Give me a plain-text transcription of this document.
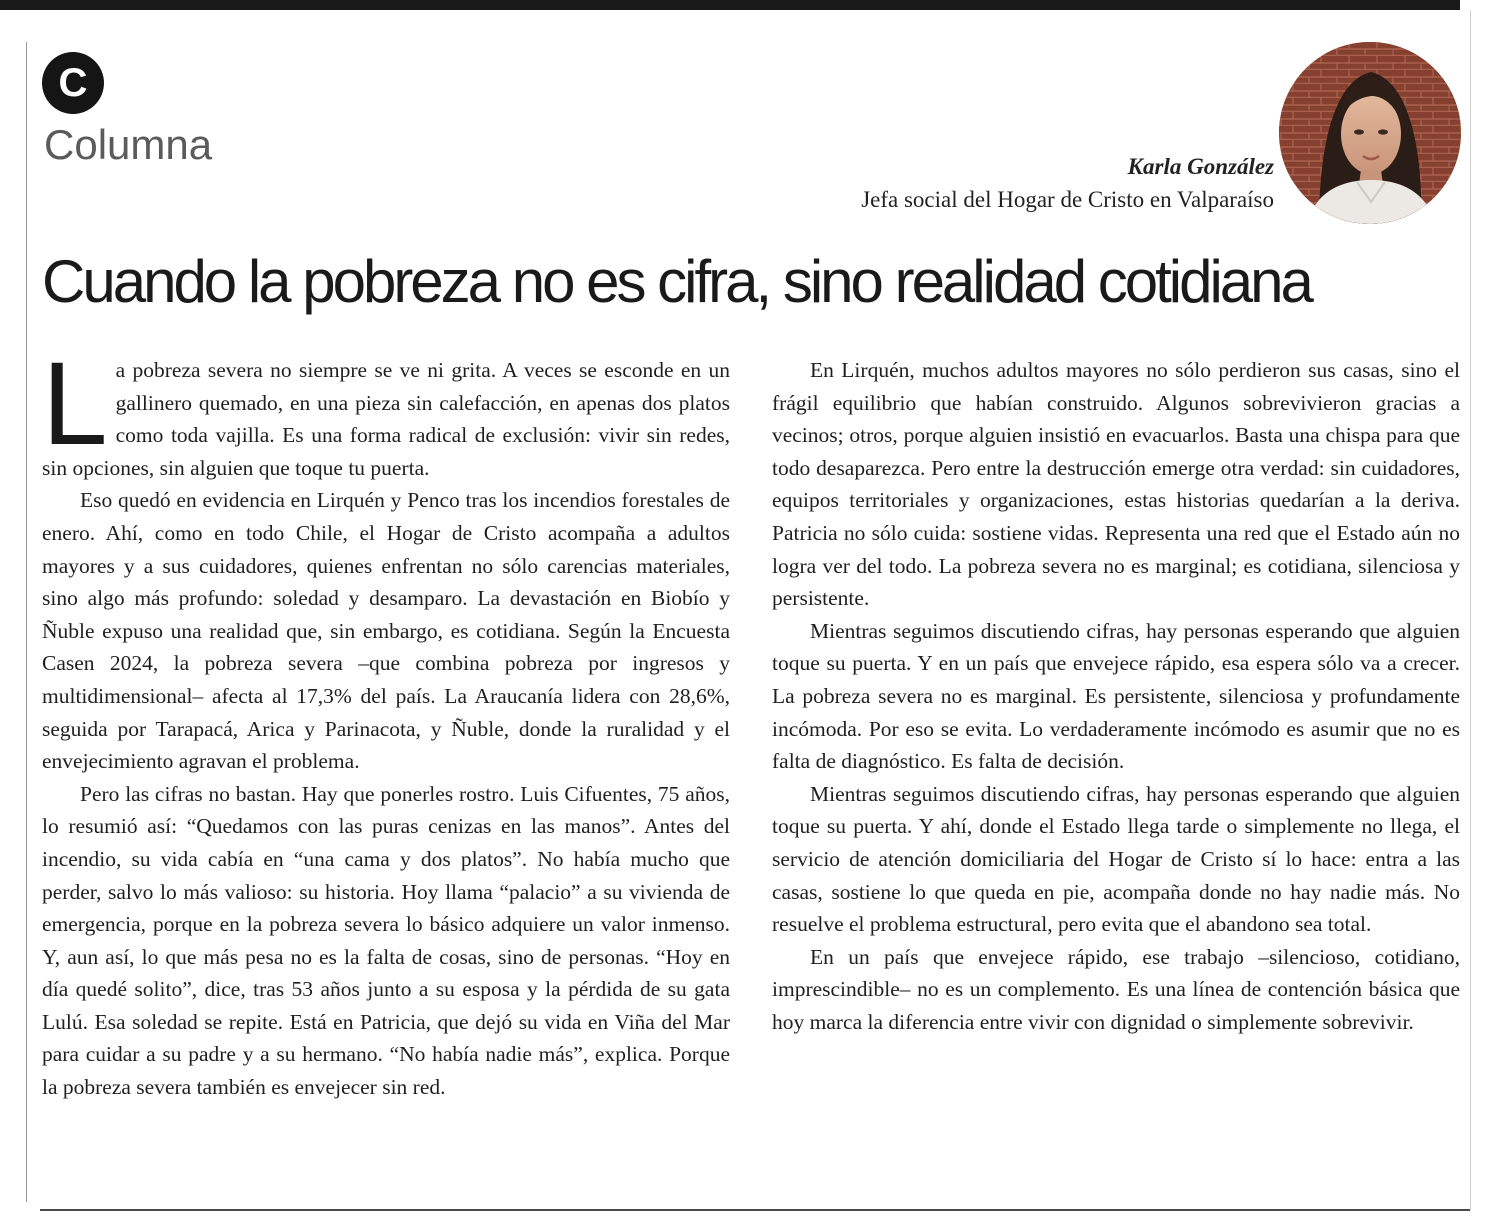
C
Columna	Karla González
Jefa social del Hogar de Cristo en Valparaíso
Cuando la pobreza no es cifra, sino realidad cotidiana

La pobreza severa no siempre se ve ni grita. A veces se esconde en un gallinero quemado, en una pieza sin calefacción, en apenas dos platos como toda vajilla. Es una forma radical de exclusión: vivir sin redes, sin opciones, sin alguien que toque tu puerta.

Eso quedó en evidencia en Lirquén y Penco tras los incendios forestales de enero. Ahí, como en todo Chile, el Hogar de Cristo acompaña a adultos mayores y a sus cuidadores, quienes enfrentan no sólo carencias materiales, sino algo más profundo: soledad y desamparo. La devastación en Biobío y Ñuble expuso una realidad que, sin embargo, es cotidiana. Según la Encuesta Casen 2024, la pobreza severa –que combina pobreza por ingresos y multidimensional– afecta al 17,3% del país. La Araucanía lidera con 28,6%, seguida por Tarapacá, Arica y Parinacota, y Ñuble, donde la ruralidad y el envejecimiento agravan el problema.

Pero las cifras no bastan. Hay que ponerles rostro. Luis Cifuentes, 75 años, lo resumió así: “Quedamos con las puras cenizas en las manos”. Antes del incendio, su vida cabía en “una cama y dos platos”. No había mucho que perder, salvo lo más valioso: su historia. Hoy llama “palacio” a su vivienda de emergencia, porque en la pobreza severa lo básico adquiere un valor inmenso. Y, aun así, lo que más pesa no es la falta de cosas, sino de personas. “Hoy en día quedé solito”, dice, tras 53 años junto a su esposa y la pérdida de su gata Lulú. Esa soledad se repite. Está en Patricia, que dejó su vida en Viña del Mar para cuidar a su padre y a su hermano. “No había nadie más”, explica. Porque la pobreza severa también es envejecer sin red.

En Lirquén, muchos adultos mayores no sólo perdieron sus casas, sino el frágil equilibrio que habían construido. Algunos sobrevivieron gracias a vecinos; otros, porque alguien insistió en evacuarlos. Basta una chispa para que todo desaparezca. Pero entre la destrucción emerge otra verdad: sin cuidadores, equipos territoriales y organizaciones, estas historias quedarían a la deriva. Patricia no sólo cuida: sostiene vidas. Representa una red que el Estado aún no logra ver del todo. La pobreza severa no es marginal; es cotidiana, silenciosa y persistente.

Mientras seguimos discutiendo cifras, hay personas esperando que alguien toque su puerta. Y en un país que envejece rápido, esa espera sólo va a crecer. La pobreza severa no es marginal. Es persistente, silenciosa y profundamente incómoda. Por eso se evita. Lo verdaderamente incómodo es asumir que no es falta de diagnóstico. Es falta de decisión.

Mientras seguimos discutiendo cifras, hay personas esperando que alguien toque su puerta. Y ahí, donde el Estado llega tarde o simplemente no llega, el servicio de atención domiciliaria del Hogar de Cristo sí lo hace: entra a las casas, sostiene lo que queda en pie, acompaña donde no hay nadie más. No resuelve el problema estructural, pero evita que el abandono sea total.

En un país que envejece rápido, ese trabajo –silencioso, cotidiano, imprescindible– no es un complemento. Es una línea de contención básica que hoy marca la diferencia entre vivir con dignidad o simplemente sobrevivir.
